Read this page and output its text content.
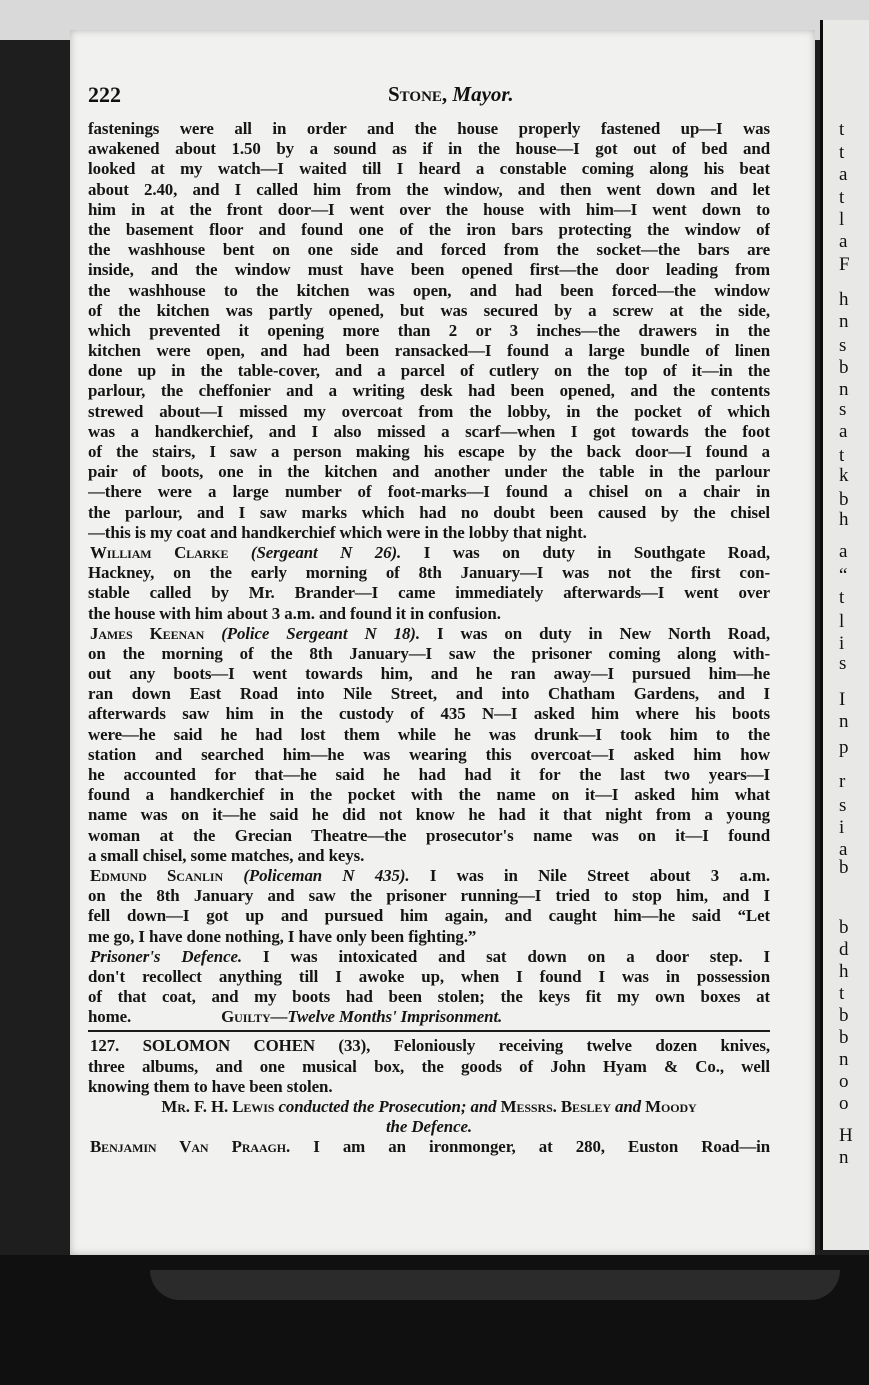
t
t
a
t
l
a
F
h
n
s
b
n
s
a
t
k
b
h
a
“
t
l
i
s
I
n
p
r
s
i
a
b
b
d
h
t
b
b
n
o
o
H
n
222	Stone, Mayor.
fastenings were all in order and the house properly fastened up—I was
awakened about 1.50 by a sound as if in the house—I got out of bed and
looked at my watch—I waited till I heard a constable coming along his beat
about 2.40, and I called him from the window, and then went down and let
him in at the front door—I went over the house with him—I went down to
the basement floor and found one of the iron bars protecting the window of
the washhouse bent on one side and forced from the socket—the bars are
inside, and the window must have been opened first—the door leading from
the washhouse to the kitchen was open, and had been forced—the window
of the kitchen was partly opened, but was secured by a screw at the side,
which prevented it opening more than 2 or 3 inches—the drawers in the
kitchen were open, and had been ransacked—I found a large bundle of linen
done up in the table-cover, and a parcel of cutlery on the top of it—in the
parlour, the cheffonier and a writing desk had been opened, and the contents
strewed about—I missed my overcoat from the lobby, in the pocket of which
was a handkerchief, and I also missed a scarf—when I got towards the foot
of the stairs, I saw a person making his escape by the back door—I found a
pair of boots, one in the kitchen and another under the table in the parlour
—there were a large number of foot-marks—I found a chisel on a chair in
the parlour, and I saw marks which had no doubt been caused by the chisel
—this is my coat and handkerchief which were in the lobby that night.
William Clarke (Sergeant N 26). I was on duty in Southgate Road,
Hackney, on the early morning of 8th January—I was not the first con-
stable called by Mr. Brander—I came immediately afterwards—I went over
the house with him about 3 a.m. and found it in confusion.
James Keenan (Police Sergeant N 18). I was on duty in New North Road,
on the morning of the 8th January—I saw the prisoner coming along with-
out any boots—I went towards him, and he ran away—I pursued him—he
ran down East Road into Nile Street, and into Chatham Gardens, and I
afterwards saw him in the custody of 435 N—I asked him where his boots
were—he said he had lost them while he was drunk—I took him to the
station and searched him—he was wearing this overcoat—I asked him how
he accounted for that—he said he had had it for the last two years—I
found a handkerchief in the pocket with the name on it—I asked him what
name was on it—he said he did not know he had it that night from a young
woman at the Grecian Theatre—the prosecutor's name was on it—I found
a small chisel, some matches, and keys.
Edmund Scanlin (Policeman N 435). I was in Nile Street about 3 a.m.
on the 8th January and saw the prisoner running—I tried to stop him, and I
fell down—I got up and pursued him again, and caught him—he said “Let
me go, I have done nothing, I have only been fighting.”
Prisoner's Defence. I was intoxicated and sat down on a door step. I
don't recollect anything till I awoke up, when I found I was in possession
of that coat, and my boots had been stolen; the keys fit my own boxes at
home.	Guilty—Twelve Months' Imprisonment.
127. SOLOMON COHEN (33), Feloniously receiving twelve dozen knives,
three albums, and one musical box, the goods of John Hyam & Co., well
knowing them to have been stolen.
Mr. F. H. Lewis conducted the Prosecution; and Messrs. Besley and Moody
the Defence.
Benjamin Van Praagh. I am an ironmonger, at 280, Euston Road—in
